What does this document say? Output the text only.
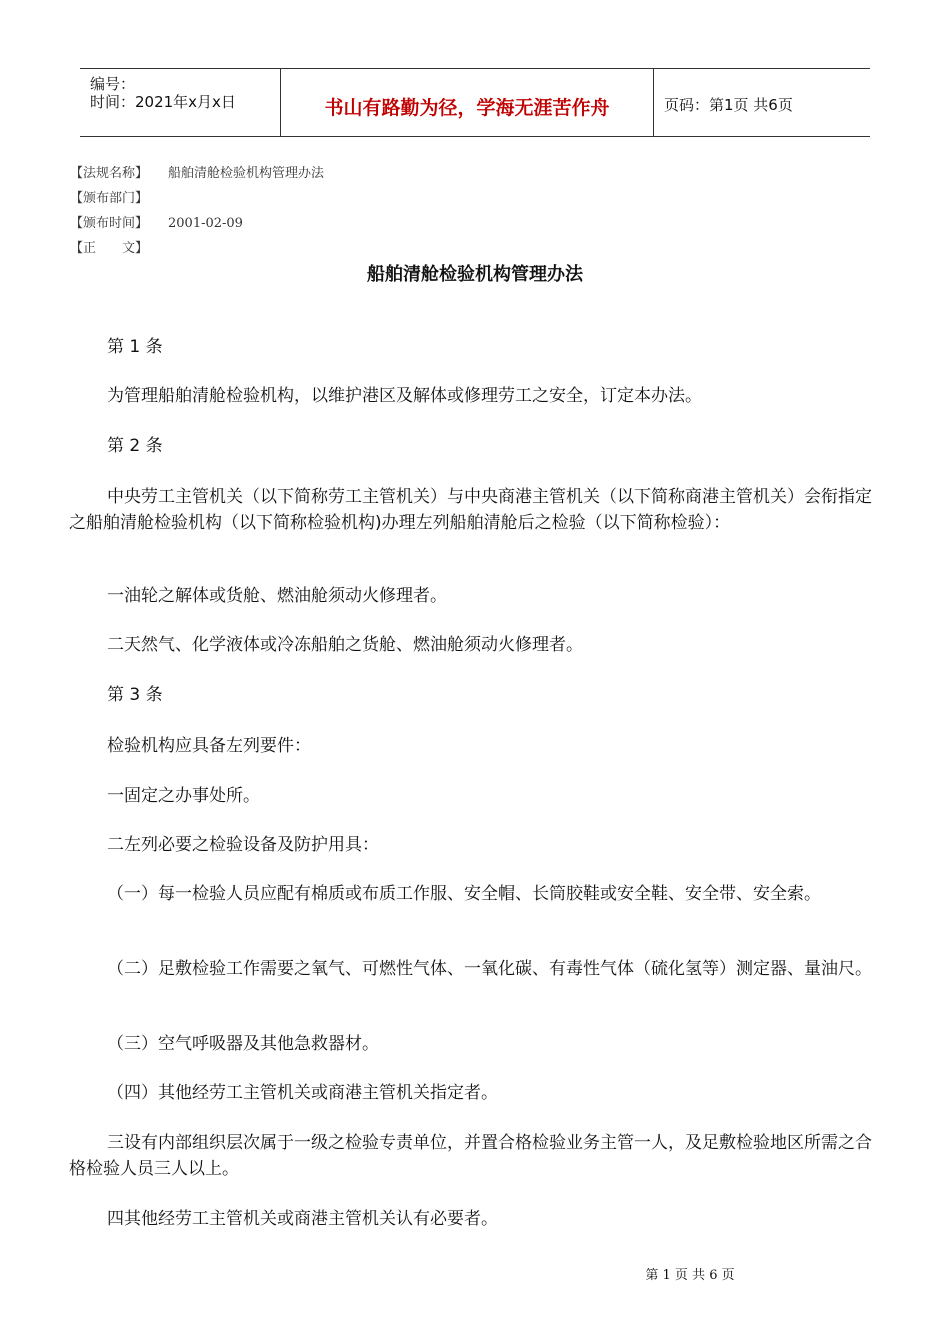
编号：
时间：2021年x月x日	书山有路勤为径，学海无涯苦作舟	页码：第1页 共6页
【法规名称】 船舶清舱检验机构管理办法
【颁布部门】
【颁布时间】 2001-02-09
【正　　文】
船舶清舱检验机构管理办法
第 1 条
为管理船舶清舱检验机构，以维护港区及解体或修理劳工之安全，订定本办法。
第 2 条
中央劳工主管机关（以下简称劳工主管机关）与中央商港主管机关（以下简称商港主管机关）会衔指定之船舶清舱检验机构（以下简称检验机构)办理左列船舶清舱后之检验（以下简称检验）：
一油轮之解体或货舱、燃油舱须动火修理者。
二天然气、化学液体或冷冻船舶之货舱、燃油舱须动火修理者。
第 3 条
检验机构应具备左列要件：
一固定之办事处所。
二左列必要之检验设备及防护用具：
（一）每一检验人员应配有棉质或布质工作服、安全帽、长筒胶鞋或安全鞋、安全带、安全索。
（二）足敷检验工作需要之氧气、可燃性气体、一氧化碳、有毒性气体（硫化氢等）测定器、量油尺。
（三）空气呼吸器及其他急救器材。
（四）其他经劳工主管机关或商港主管机关指定者。
三设有内部组织层次属于一级之检验专责单位，并置合格检验业务主管一人，及足敷检验地区所需之合格检验人员三人以上。
四其他经劳工主管机关或商港主管机关认有必要者。
第 1 页 共 6 页
